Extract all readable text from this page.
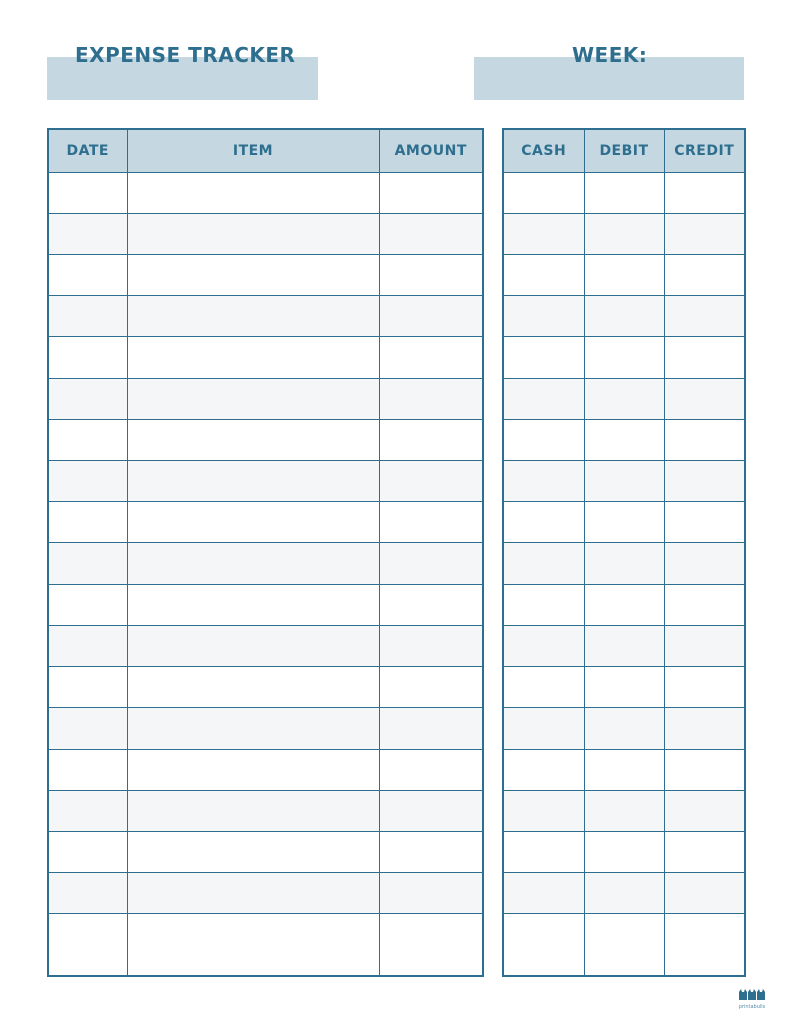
EXPENSE TRACKER	WEEK:
DATE	ITEM	AMOUNT

			CASH	DEBIT	CREDIT

printabulls
